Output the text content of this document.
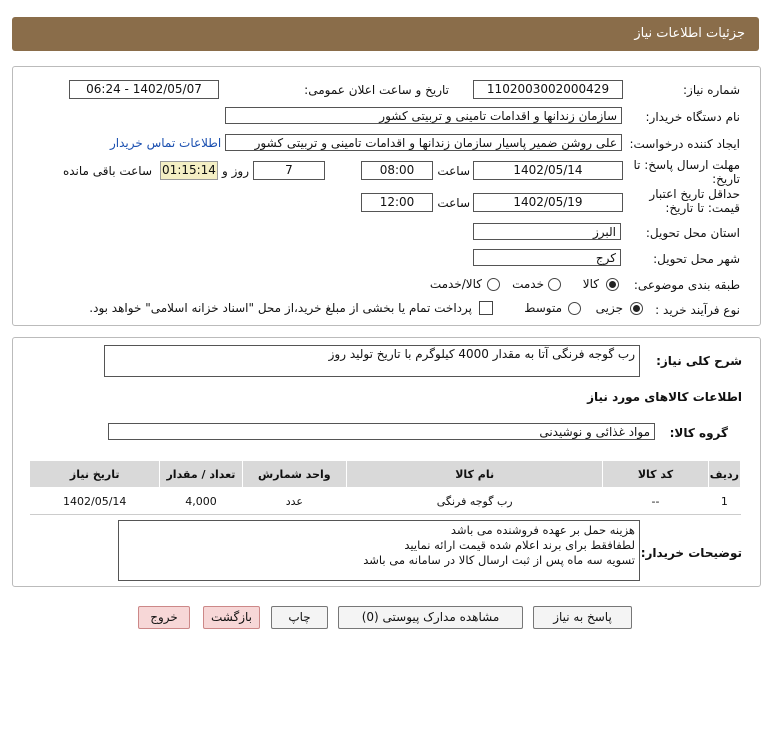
جزئیات اطلاعات نیاز
شماره نیاز:
1102003002000429
تاریخ و ساعت اعلان عمومی:
1402/05/07 - 06:24
نام دستگاه خریدار:
سازمان زندانها و اقدامات تامینی و تربیتی کشور
ایجاد کننده درخواست:
علی روشن ضمیر پاسیار سازمان زندانها و اقدامات تامینی و تربیتی کشور
اطلاعات تماس خریدار
مهلت ارسال پاسخ: تا
تاریخ:
1402/05/14
ساعت
08:00
7
روز و
01:15:14
ساعت باقی مانده
حداقل تاریخ اعتبار
قیمت: تا تاریخ:
1402/05/19
ساعت
12:00
استان محل تحویل:
البرز
شهر محل تحویل:
کرج
طبقه بندی موضوعی:
کالا
خدمت
کالا/خدمت
نوع فرآیند خرید :
جزیی
متوسط
پرداخت تمام یا بخشی از مبلغ خرید،از محل "اسناد خزانه اسلامی" خواهد بود.
شرح کلی نیاز:
رب گوجه فرنگی آتا به مقدار 4000 کیلوگرم با تاریخ تولید روز
اطلاعات کالاهای مورد نیاز
گروه کالا:
مواد غذائی و نوشیدنی
ردیف	کد کالا	نام کالا	واحد شمارش	تعداد / مقدار	تاریخ نیاز
1	--	رب گوجه فرنگی	عدد	4,000	1402/05/14
توضیحات خریدار:
هزینه حمل بر عهده فروشنده می باشد
لطفافقط برای برند اعلام شده قیمت ارائه نمایید
تسویه سه ماه پس از ثبت ارسال کالا در سامانه می باشد
پاسخ به نیاز
مشاهده مدارک پیوستی (0)
چاپ
بازگشت
خروج
